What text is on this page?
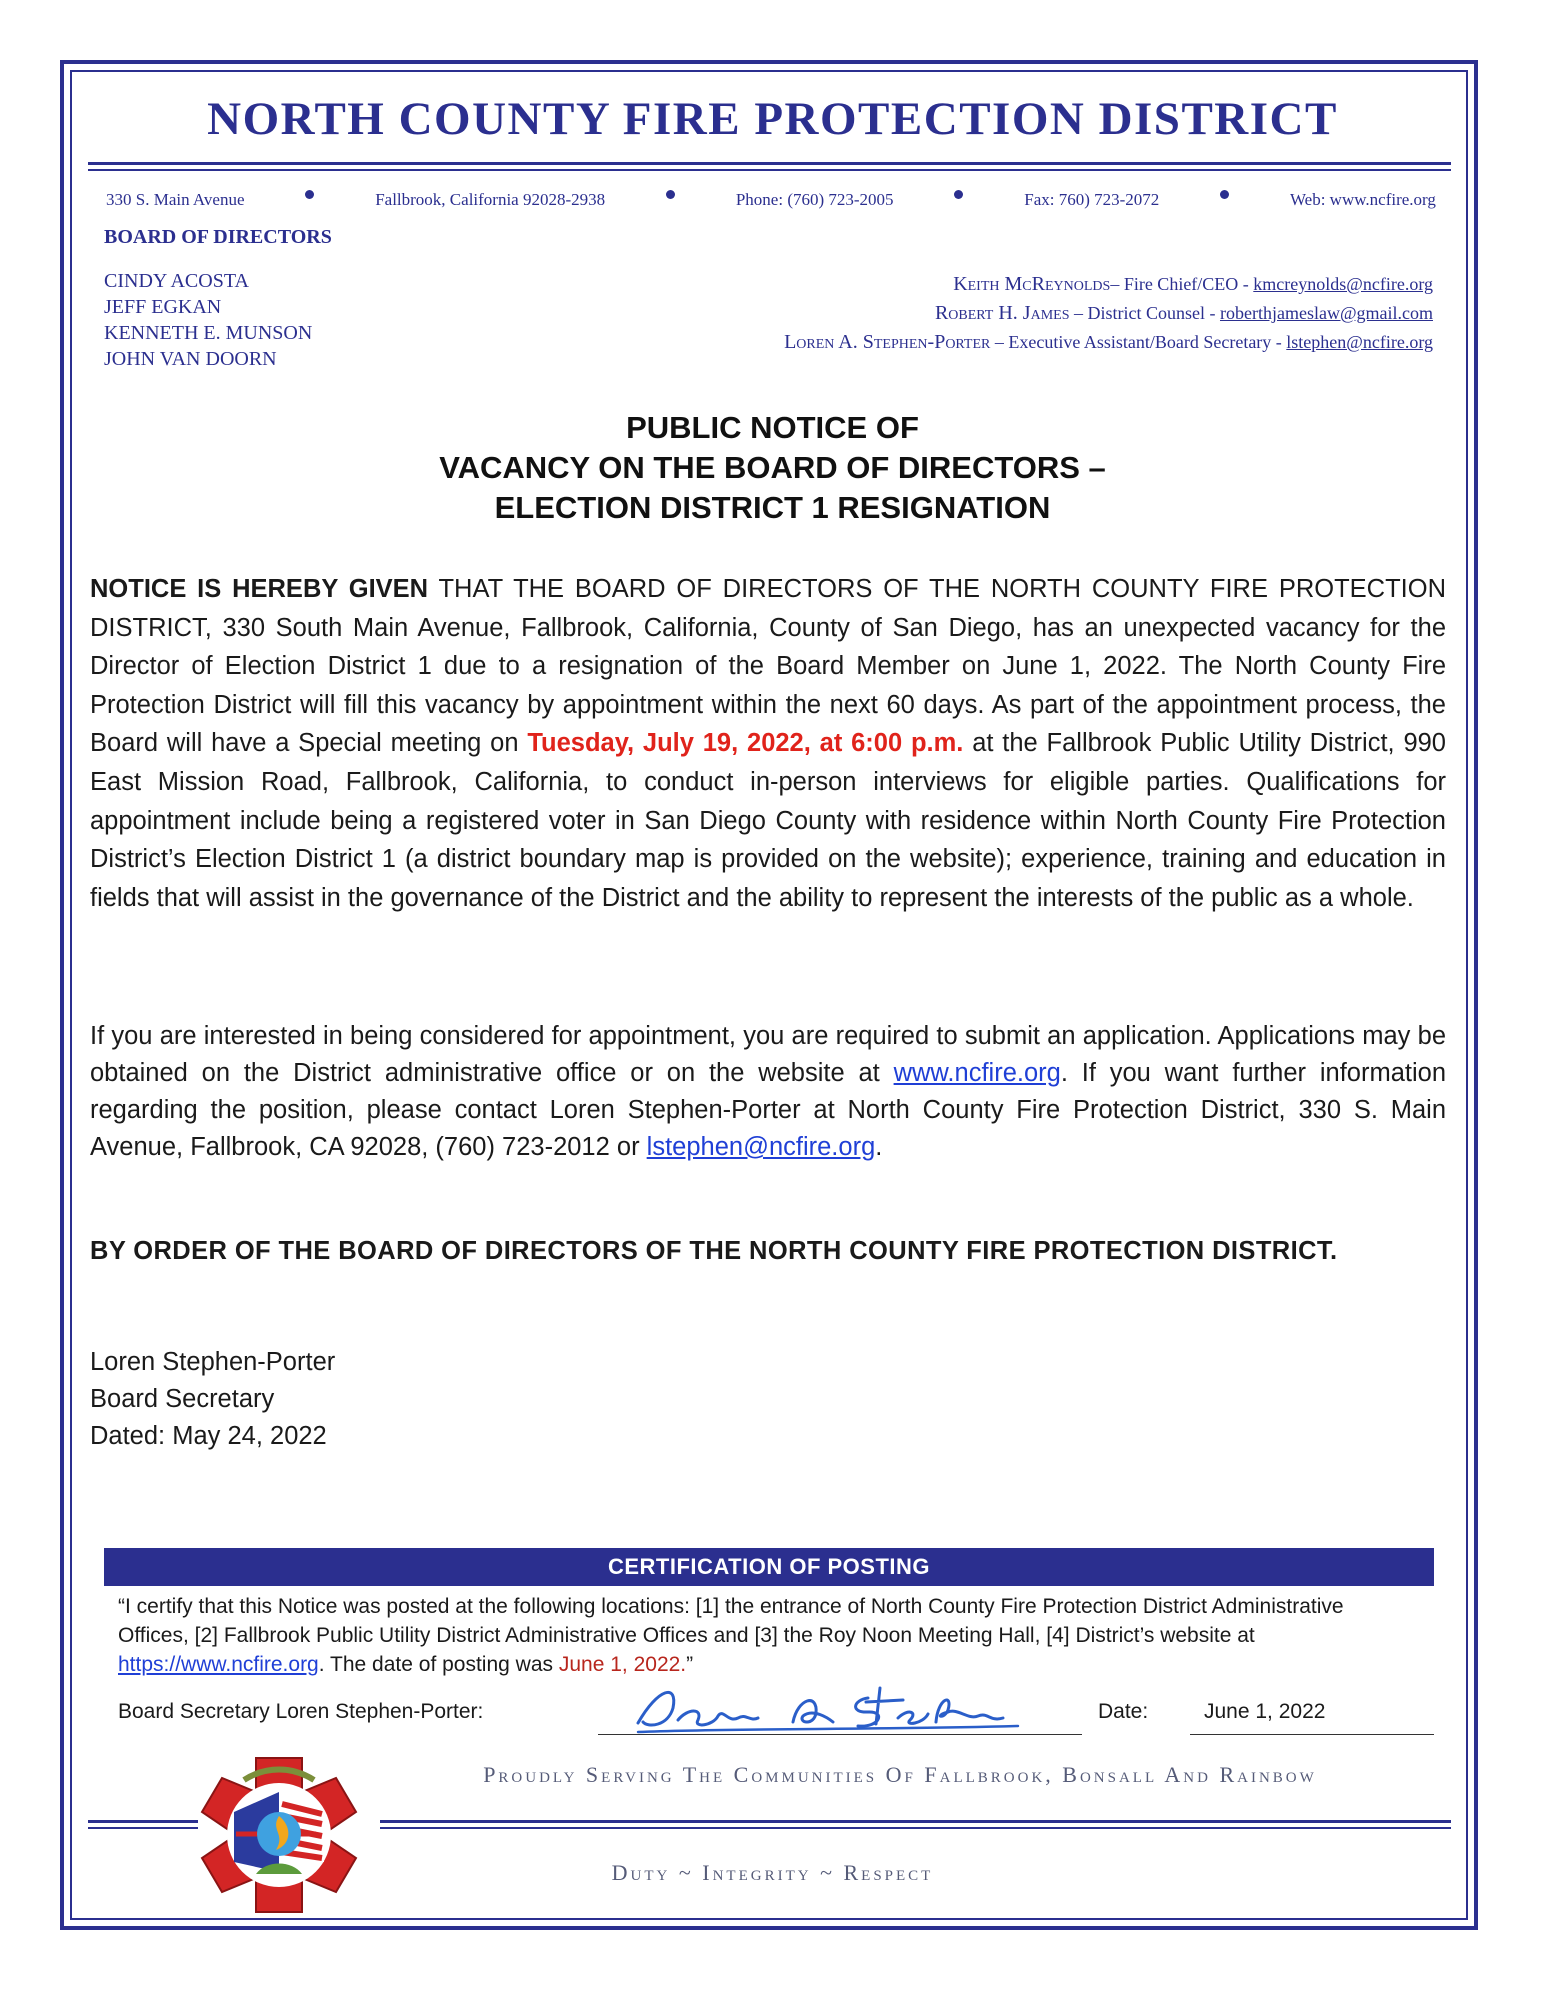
NORTH COUNTY FIRE PROTECTION DISTRICT
330 S. Main Avenue	Fallbrook, California 92028-2938	Phone: (760) 723-2005	Fax: 760) 723-2072	Web: www.ncfire.org
BOARD OF DIRECTORS
CINDY ACOSTA
JEFF EGKAN
KENNETH E. MUNSON
JOHN VAN DOORN
Keith McReynolds– Fire Chief/CEO - kmcreynolds@ncfire.org
Robert H. James – District Counsel - roberthjameslaw@gmail.com
Loren A. Stephen-Porter – Executive Assistant/Board Secretary - lstephen@ncfire.org
PUBLIC NOTICE OF
VACANCY ON THE BOARD OF DIRECTORS –
ELECTION DISTRICT 1 RESIGNATION
NOTICE IS HEREBY GIVEN THAT THE BOARD OF DIRECTORS OF THE NORTH COUNTY FIRE PROTECTION DISTRICT, 330 South Main Avenue, Fallbrook, California, County of San Diego, has an unexpected vacancy for the Director of Election District 1 due to a resignation of the Board Member on June 1, 2022. The North County Fire Protection District will fill this vacancy by appointment within the next 60 days. As part of the appointment process, the Board will have a Special meeting on Tuesday, July 19, 2022, at 6:00 p.m. at the Fallbrook Public Utility District, 990 East Mission Road, Fallbrook, California, to conduct in-person interviews for eligible parties. Qualifications for appointment include being a registered voter in San Diego County with residence within North County Fire Protection District’s Election District 1 (a district boundary map is provided on the website); experience, training and education in fields that will assist in the governance of the District and the ability to represent the interests of the public as a whole.
If you are interested in being considered for appointment, you are required to submit an application. Applications may be obtained on the District administrative office or on the website at www.ncfire.org. If you want further information regarding the position, please contact Loren Stephen-Porter at North County Fire Protection District, 330 S. Main Avenue, Fallbrook, CA 92028, (760) 723-2012 or lstephen@ncfire.org.
BY ORDER OF THE BOARD OF DIRECTORS OF THE NORTH COUNTY FIRE PROTECTION DISTRICT.
Loren Stephen-Porter
Board Secretary
Dated: May 24, 2022
CERTIFICATION OF POSTING
“I certify that this Notice was posted at the following locations: [1] the entrance of North County Fire Protection District Administrative Offices, [2] Fallbrook Public Utility District Administrative Offices and [3] the Roy Noon Meeting Hall, [4] District’s website at https://www.ncfire.org. The date of posting was June 1, 2022.”
Board Secretary Loren Stephen-Porter:	Date:	June 1, 2022
Proudly Serving The Communities Of Fallbrook, Bonsall And Rainbow
Duty ~ Integrity ~ Respect
